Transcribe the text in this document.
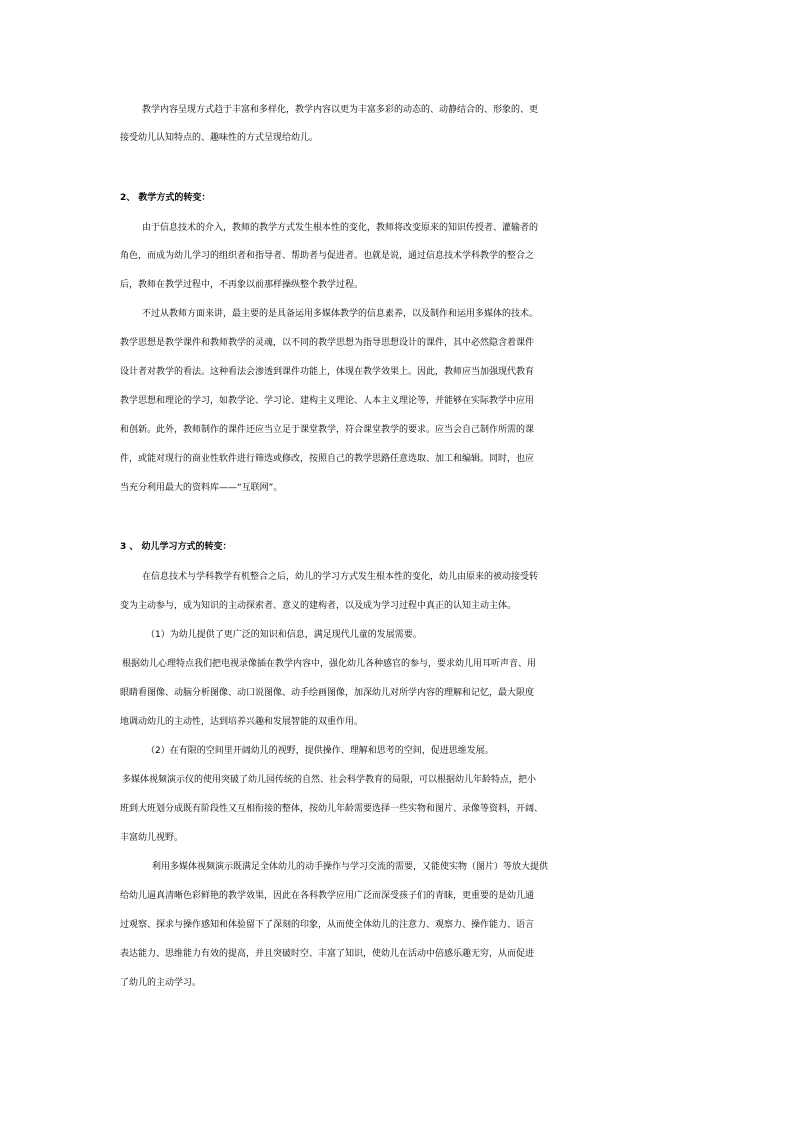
教学内容呈现方式趋于丰富和多样化，教学内容以更为丰富多彩的动态的、动静结合的、形象的、更
接受幼儿认知特点的、趣味性的方式呈现给幼儿。
2、 教学方式的转变：
由于信息技术的介入，教师的教学方式发生根本性的变化，教师将改变原来的知识传授者、灌输者的
角色，而成为幼儿学习的组织者和指导者、帮助者与促进者。也就是说，通过信息技术学科教学的整合之
后，教师在教学过程中，不再象以前那样操纵整个教学过程。
不过从教师方面来讲，最主要的是具备运用多媒体教学的信息素养，以及制作和运用多媒体的技术。
教学思想是教学课件和教师教学的灵魂，以不同的教学思想为指导思想设计的课件，其中必然隐含着课件
设计者对教学的看法。这种看法会渗透到课件功能上，体现在教学效果上。因此，教师应当加强现代教育
教学思想和理论的学习，如教学论、学习论、建构主义理论、人本主义理论等，并能够在实际教学中应用
和创新。此外，教师制作的课件还应当立足于课堂教学，符合课堂教学的要求。应当会自己制作所需的课
件，或能对现行的商业性软件进行筛选或修改，按照自己的教学思路任意选取、加工和编辑。同时，也应
当充分利用最大的资料库——“互联网”。
3 、 幼儿学习方式的转变：
在信息技术与学科教学有机整合之后，幼儿的学习方式发生根本性的变化，幼儿由原来的被动接受转
变为主动参与，成为知识的主动探索者、意义的建构者，以及成为学习过程中真正的认知主动主体。
（1）为幼儿提供了更广泛的知识和信息，满足现代儿童的发展需要。
根据幼儿心理特点我们把电视录像插在教学内容中，强化幼儿各种感官的参与，要求幼儿用耳听声音、用
眼睛看图像、动脑分析图像、动口说图像、动手绘画图像，加深幼儿对所学内容的理解和记忆，最大限度
地调动幼儿的主动性，达到培养兴趣和发展智能的双重作用。
（2）在有限的空间里开阔幼儿的视野，提供操作、理解和思考的空间，促进思维发展。
多媒体视频演示仪的使用突破了幼儿园传统的自然、社会科学教育的局限，可以根据幼儿年龄特点，把小
班到大班划分成既有阶段性又互相衔接的整体，按幼儿年龄需要选择一些实物和图片、录像等资料，开阔、
丰富幼儿视野。
利用多媒体视频演示既满足全体幼儿的动手操作与学习交流的需要，又能使实物（图片）等放大提供
给幼儿逼真清晰色彩鲜艳的教学效果，因此在各科教学应用广泛而深受孩子们的青睐，更重要的是幼儿通
过观察、探求与操作感知和体验留下了深刻的印象，从而使全体幼儿的注意力、观察力、操作能力、语言
表达能力、思维能力有效的提高，并且突破时空、丰富了知识，使幼儿在活动中倍感乐趣无穷，从而促进
了幼儿的主动学习。
